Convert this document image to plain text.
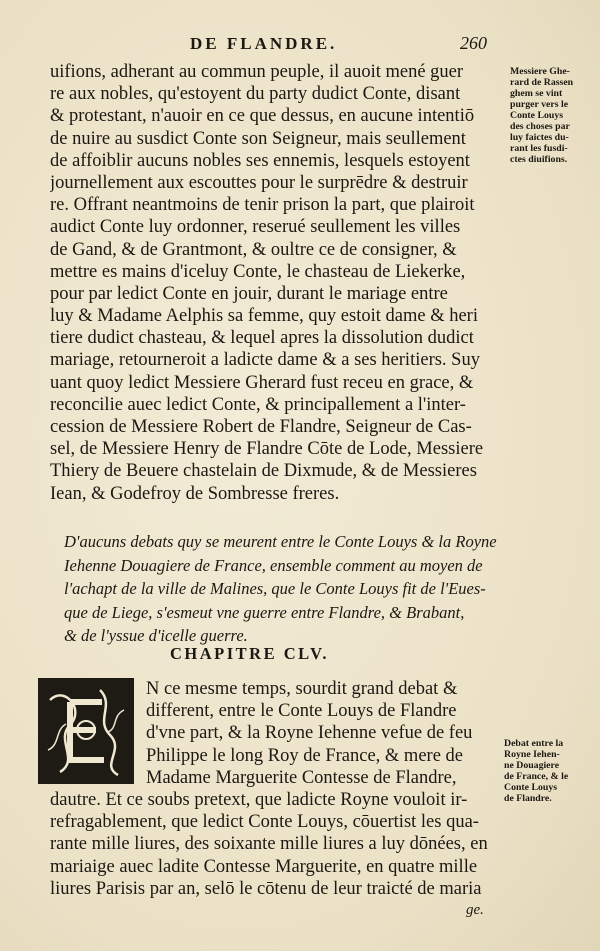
DE FLANDRE.	260
uifions, adherant au commun peuple, il auoit mené guer
re aux nobles, qu'estoyent du party dudict Conte, disant
& protestant, n'auoir en ce que dessus, en aucune intentiō
de nuire au susdict Conte son Seigneur, mais seullement
de affoiblir aucuns nobles ses ennemis, lesquels estoyent
journellement aux escouttes pour le surprēdre & destruir
re. Offrant neantmoins de tenir prison la part, que plairoit
audict Conte luy ordonner, reserué seullement les villes
de Gand, & de Grantmont, & oultre ce de consigner, &
mettre es mains d'iceluy Conte, le chasteau de Liekerke,
pour par ledict Conte en jouir, durant le mariage entre
luy & Madame Aelphis sa femme, quy estoit dame & heri
tiere dudict chasteau, & lequel apres la dissolution dudict
mariage, retourneroit a ladicte dame & a ses heritiers. Suy
uant quoy ledict Messiere Gherard fust receu en grace, &
reconcilie auec ledict Conte, & principallement a l'inter-
cession de Messiere Robert de Flandre, Seigneur de Cas-
sel, de Messiere Henry de Flandre Cōte de Lode, Messiere
Thiery de Beuere chastelain de Dixmude, & de Messieres
Iean, & Godefroy de Sombresse freres.
Messiere Ghe-
rard de Rassen
ghem se vint
purger vers le
Conte Louys
des choses par
luy faictes du-
rant les fusdi-
ctes diuifions.
D'aucuns debats quy se meurent entre le Conte Louys & la Royne
Iehenne Douagiere de France, ensemble comment au moyen de
l'achapt de la ville de Malines, que le Conte Louys fit de l'Eues-
que de Liege, s'esmeut vne guerre entre Flandre, & Brabant,
& de l'yssue d'icelle guerre.
CHAPITRE CLV.
N ce mesme temps, sourdit grand debat &
different, entre le Conte Louys de Flandre
d'vne part, & la Royne Iehenne vefue de feu
Philippe le long Roy de France, & mere de
Madame Marguerite Contesse de Flandre,
dautre. Et ce soubs pretext, que ladicte Royne vouloit ir-
refragablement, que ledict Conte Louys, cōuertist les qua-
rante mille liures, des soixante mille liures a luy dōnées, en
mariaige auec ladite Contesse Marguerite, en quatre mille
liures Parisis par an, selō le cōtenu de leur traicté de maria
Debat entre la
Royne Iehen-
ne Douagiere
de France, & le
Conte Louys
de Flandre.
ge.
